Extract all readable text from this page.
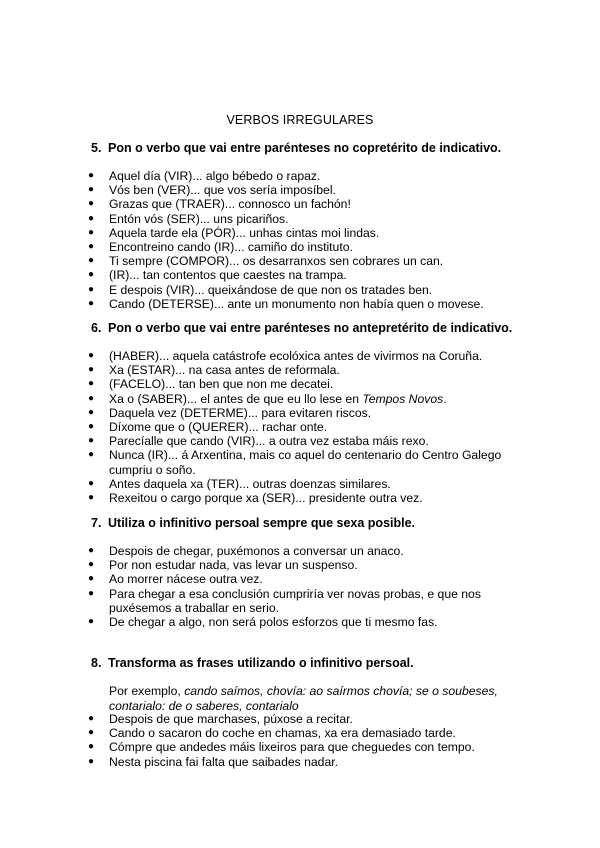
VERBOS IRREGULARES
5. Pon o verbo que vai entre parénteses no copretérito de indicativo.
● Aquel día (VIR)... algo bébedo o rapaz.
● Vós ben (VER)... que vos sería imposíbel.
● Grazas que (TRAER)... connosco un fachón!
● Entón vós (SER)... uns picariños.
● Aquela tarde ela (PÓR)... unhas cintas moi lindas.
● Encontreino cando (IR)... camiño do instituto.
● Ti sempre (COMPOR)... os desarranxos sen cobrares un can.
● (IR)... tan contentos que caestes na trampa.
● E despois (VIR)... queixándose de que non os tratades ben.
● Cando (DETERSE)... ante un monumento non había quen o movese.
6. Pon o verbo que vai entre parénteses no antepretérito de indicativo.
● (HABER)... aquela catástrofe ecolóxica antes de vivirmos na Coruña.
● Xa (ESTAR)... na casa antes de reformala.
● (FACELO)... tan ben que non me decatei.
● Xa o (SABER)... el antes de que eu llo lese en Tempos Novos.
● Daquela vez (DETERME)... para evitaren riscos.
● Díxome que o (QUERER)... rachar onte.
● Parecíalle que cando (VIR)... a outra vez estaba máis rexo.
● Nunca (IR)... á Arxentina, mais co aquel do centenario do Centro Galego cumpriu o soño.
● Antes daquela xa (TER)... outras doenzas similares.
● Rexeitou o cargo porque xa (SER)... presidente outra vez.
7. Utiliza o infinitivo persoal sempre que sexa posible.
● Despois de chegar, puxémonos a conversar un anaco.
● Por non estudar nada, vas levar un suspenso.
● Ao morrer nácese outra vez.
● Para chegar a esa conclusión cumpriría ver novas probas, e que nos puxésemos a traballar en serio.
● De chegar a algo, non será polos esforzos que ti mesmo fas.
8. Transforma as frases utilizando o infinitivo persoal.
Por exemplo, cando saímos, chovía: ao saírmos chovía; se o soubeses, contarialo: de o saberes, contarialo
● Despois de que marchases, púxose a recitar.
● Cando o sacaron do coche en chamas, xa era demasiado tarde.
● Cómpre que andedes máis lixeiros para que cheguedes con tempo.
● Nesta piscina fai falta que saibades nadar.
